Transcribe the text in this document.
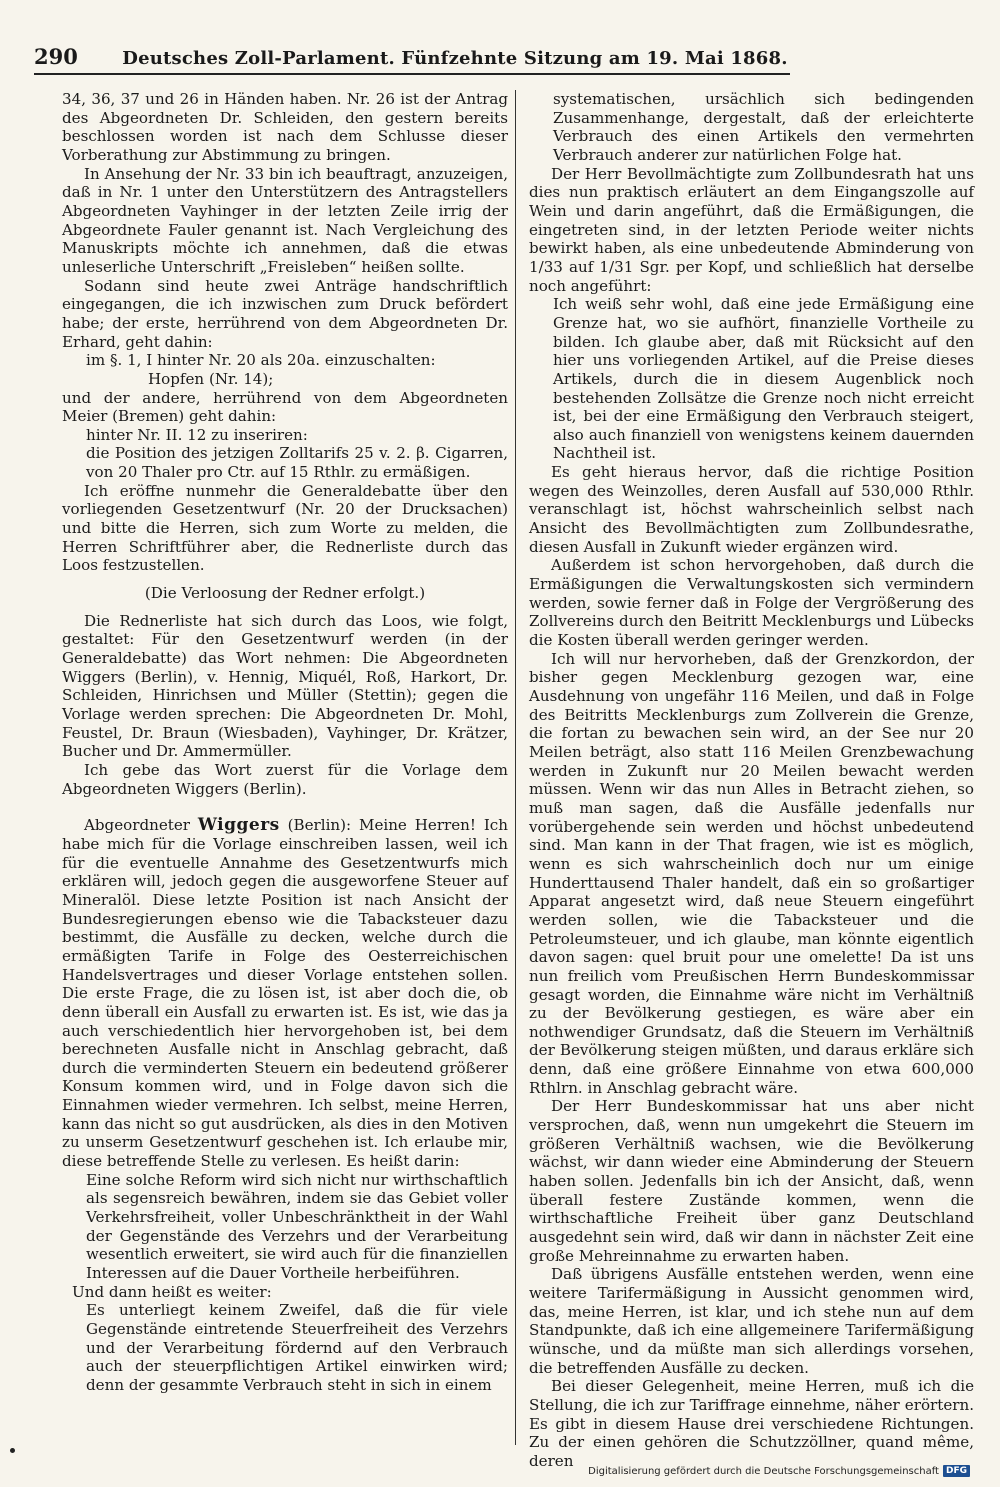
290	Deutsches Zoll-Parlament. Fünfzehnte Sitzung am 19. Mai 1868.

34, 36, 37 und 26 in Händen haben. Nr. 26 ist der Antrag des Abgeordneten Dr. Schleiden, den gestern bereits beschlossen worden ist nach dem Schlusse dieser Vorberathung zur Abstimmung zu bringen.

In Ansehung der Nr. 33 bin ich beauftragt, anzuzeigen, daß in Nr. 1 unter den Unterstützern des Antragstellers Abgeordneten Vayhinger in der letzten Zeile irrig der Abgeordnete Fauler genannt ist. Nach Vergleichung des Manuskripts möchte ich annehmen, daß die etwas unleserliche Unterschrift „Freisleben“ heißen sollte.

Sodann sind heute zwei Anträge handschriftlich eingegangen, die ich inzwischen zum Druck befördert habe; der erste, herrührend von dem Abgeordneten Dr. Erhard, geht dahin:

im §. 1, I hinter Nr. 20 als 20a. einzuschalten:

Hopfen (Nr. 14);

und der andere, herrührend von dem Abgeordneten Meier (Bremen) geht dahin:

hinter Nr. II. 12 zu inseriren:

die Position des jetzigen Zolltarifs 25 v. 2. β. Cigarren, von 20 Thaler pro Ctr. auf 15 Rthlr. zu ermäßigen.

Ich eröffne nunmehr die Generaldebatte über den vorliegenden Gesetzentwurf (Nr. 20 der Drucksachen) und bitte die Herren, sich zum Worte zu melden, die Herren Schriftführer aber, die Rednerliste durch das Loos festzustellen.

(Die Verloosung der Redner erfolgt.)

Die Rednerliste hat sich durch das Loos, wie folgt, gestaltet: Für den Gesetzentwurf werden (in der Generaldebatte) das Wort nehmen: Die Abgeordneten Wiggers (Berlin), v. Hennig, Miquél, Roß, Harkort, Dr. Schleiden, Hinrichsen und Müller (Stettin); gegen die Vorlage werden sprechen: Die Abgeordneten Dr. Mohl, Feustel, Dr. Braun (Wiesbaden), Vayhinger, Dr. Krätzer, Bucher und Dr. Ammermüller.

Ich gebe das Wort zuerst für die Vorlage dem Abgeordneten Wiggers (Berlin).

Abgeordneter Wiggers (Berlin): Meine Herren! Ich habe mich für die Vorlage einschreiben lassen, weil ich für die eventuelle Annahme des Gesetzentwurfs mich erklären will, jedoch gegen die ausgeworfene Steuer auf Mineralöl. Diese letzte Position ist nach Ansicht der Bundesregierungen ebenso wie die Tabacksteuer dazu bestimmt, die Ausfälle zu decken, welche durch die ermäßigten Tarife in Folge des Oesterreichischen Handelsvertrages und dieser Vorlage entstehen sollen. Die erste Frage, die zu lösen ist, ist aber doch die, ob denn überall ein Ausfall zu erwarten ist. Es ist, wie das ja auch verschiedentlich hier hervorgehoben ist, bei dem berechneten Ausfalle nicht in Anschlag gebracht, daß durch die verminderten Steuern ein bedeutend größerer Konsum kommen wird, und in Folge davon sich die Einnahmen wieder vermehren. Ich selbst, meine Herren, kann das nicht so gut ausdrücken, als dies in den Motiven zu unserm Gesetzentwurf geschehen ist. Ich erlaube mir, diese betreffende Stelle zu verlesen. Es heißt darin:

Eine solche Reform wird sich nicht nur wirthschaftlich als segensreich bewähren, indem sie das Gebiet voller Verkehrsfreiheit, voller Unbeschränktheit in der Wahl der Gegenstände des Verzehrs und der Verarbeitung wesentlich erweitert, sie wird auch für die finanziellen Interessen auf die Dauer Vortheile herbeiführen.

Und dann heißt es weiter:

Es unterliegt keinem Zweifel, daß die für viele Gegenstände eintretende Steuerfreiheit des Verzehrs und der Verarbeitung fördernd auf den Verbrauch auch der steuerpflichtigen Artikel einwirken wird; denn der gesammte Verbrauch steht in sich in einem

systematischen, ursächlich sich bedingenden Zusammenhange, dergestalt, daß der erleichterte Verbrauch des einen Artikels den vermehrten Verbrauch anderer zur natürlichen Folge hat.

Der Herr Bevollmächtigte zum Zollbundesrath hat uns dies nun praktisch erläutert an dem Eingangszolle auf Wein und darin angeführt, daß die Ermäßigungen, die eingetreten sind, in der letzten Periode weiter nichts bewirkt haben, als eine unbedeutende Abminderung von 1/33 auf 1/31 Sgr. per Kopf, und schließlich hat derselbe noch angeführt:

Ich weiß sehr wohl, daß eine jede Ermäßigung eine Grenze hat, wo sie aufhört, finanzielle Vortheile zu bilden. Ich glaube aber, daß mit Rücksicht auf den hier uns vorliegenden Artikel, auf die Preise dieses Artikels, durch die in diesem Augenblick noch bestehenden Zollsätze die Grenze noch nicht erreicht ist, bei der eine Ermäßigung den Verbrauch steigert, also auch finanziell von wenigstens keinem dauernden Nachtheil ist.

Es geht hieraus hervor, daß die richtige Position wegen des Weinzolles, deren Ausfall auf 530,000 Rthlr. veranschlagt ist, höchst wahrscheinlich selbst nach Ansicht des Bevollmächtigten zum Zollbundesrathe, diesen Ausfall in Zukunft wieder ergänzen wird.

Außerdem ist schon hervorgehoben, daß durch die Ermäßigungen die Verwaltungskosten sich vermindern werden, sowie ferner daß in Folge der Vergrößerung des Zollvereins durch den Beitritt Mecklenburgs und Lübecks die Kosten überall werden geringer werden.

Ich will nur hervorheben, daß der Grenzkordon, der bisher gegen Mecklenburg gezogen war, eine Ausdehnung von ungefähr 116 Meilen, und daß in Folge des Beitritts Mecklenburgs zum Zollverein die Grenze, die fortan zu bewachen sein wird, an der See nur 20 Meilen beträgt, also statt 116 Meilen Grenzbewachung werden in Zukunft nur 20 Meilen bewacht werden müssen. Wenn wir das nun Alles in Betracht ziehen, so muß man sagen, daß die Ausfälle jedenfalls nur vorübergehende sein werden und höchst unbedeutend sind. Man kann in der That fragen, wie ist es möglich, wenn es sich wahrscheinlich doch nur um einige Hunderttausend Thaler handelt, daß ein so großartiger Apparat angesetzt wird, daß neue Steuern eingeführt werden sollen, wie die Tabacksteuer und die Petroleumsteuer, und ich glaube, man könnte eigentlich davon sagen: quel bruit pour une omelette! Da ist uns nun freilich vom Preußischen Herrn Bundeskommissar gesagt worden, die Einnahme wäre nicht im Verhältniß zu der Bevölkerung gestiegen, es wäre aber ein nothwendiger Grundsatz, daß die Steuern im Verhältniß der Bevölkerung steigen müßten, und daraus erkläre sich denn, daß eine größere Einnahme von etwa 600,000 Rthlrn. in Anschlag gebracht wäre.

Der Herr Bundeskommissar hat uns aber nicht versprochen, daß, wenn nun umgekehrt die Steuern im größeren Verhältniß wachsen, wie die Bevölkerung wächst, wir dann wieder eine Abminderung der Steuern haben sollen. Jedenfalls bin ich der Ansicht, daß, wenn überall festere Zustände kommen, wenn die wirthschaftliche Freiheit über ganz Deutschland ausgedehnt sein wird, daß wir dann in nächster Zeit eine große Mehreinnahme zu erwarten haben.

Daß übrigens Ausfälle entstehen werden, wenn eine weitere Tarifermäßigung in Aussicht genommen wird, das, meine Herren, ist klar, und ich stehe nun auf dem Standpunkte, daß ich eine allgemeinere Tarifermäßigung wünsche, und da müßte man sich allerdings vorsehen, die betreffenden Ausfälle zu decken.

Bei dieser Gelegenheit, meine Herren, muß ich die Stellung, die ich zur Tariffrage einnehme, näher erörtern. Es gibt in diesem Hause drei verschiedene Richtungen. Zu der einen gehören die Schutzzöllner, quand même, deren

Digitalisierung gefördert durch die Deutsche Forschungsgemeinschaft DFG
